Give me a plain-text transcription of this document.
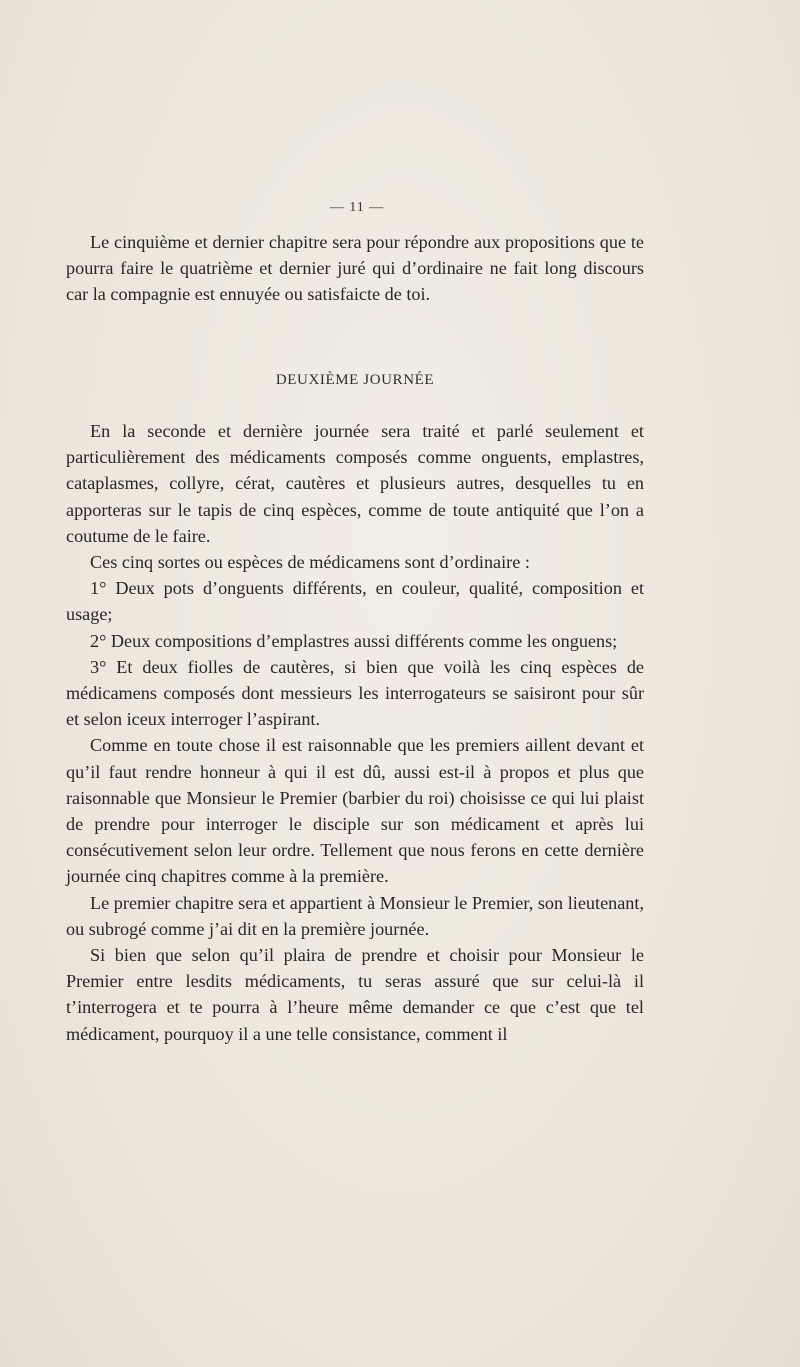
— 11 —

Le cinquième et dernier chapitre sera pour répondre aux propositions que te pourra faire le quatrième et dernier juré qui d’ordinaire ne fait long discours car la compagnie est ennuyée ou satisfaicte de toi.

DEUXIÈME JOURNÉE

En la seconde et dernière journée sera traité et parlé seulement et particulièrement des médicaments composés comme onguents, emplastres, cataplasmes, collyre, cérat, cautères et plusieurs autres, desquelles tu en apporteras sur le tapis de cinq espèces, comme de toute antiquité que l’on a coutume de le faire.

Ces cinq sortes ou espèces de médicamens sont d’ordinaire :

1° Deux pots d’onguents différents, en couleur, qualité, composition et usage;

2° Deux compositions d’emplastres aussi différents comme les onguens;

3° Et deux fiolles de cautères, si bien que voilà les cinq espèces de médicamens composés dont messieurs les interrogateurs se saisiront pour sûr et selon iceux interroger l’aspirant.

Comme en toute chose il est raisonnable que les premiers aillent devant et qu’il faut rendre honneur à qui il est dû, aussi est-il à propos et plus que raisonnable que Monsieur le Premier (barbier du roi) choisisse ce qui lui plaist de prendre pour interroger le disciple sur son médicament et après lui consécutivement selon leur ordre. Tellement que nous ferons en cette dernière journée cinq chapitres comme à la première.

Le premier chapitre sera et appartient à Monsieur le Premier, son lieutenant, ou subrogé comme j’ai dit en la première journée.

Si bien que selon qu’il plaira de prendre et choisir pour Monsieur le Premier entre lesdits médicaments, tu seras assuré que sur celui-là il t’interrogera et te pourra à l’heure même demander ce que c’est que tel médicament, pourquoy il a une telle consistance, comment il
